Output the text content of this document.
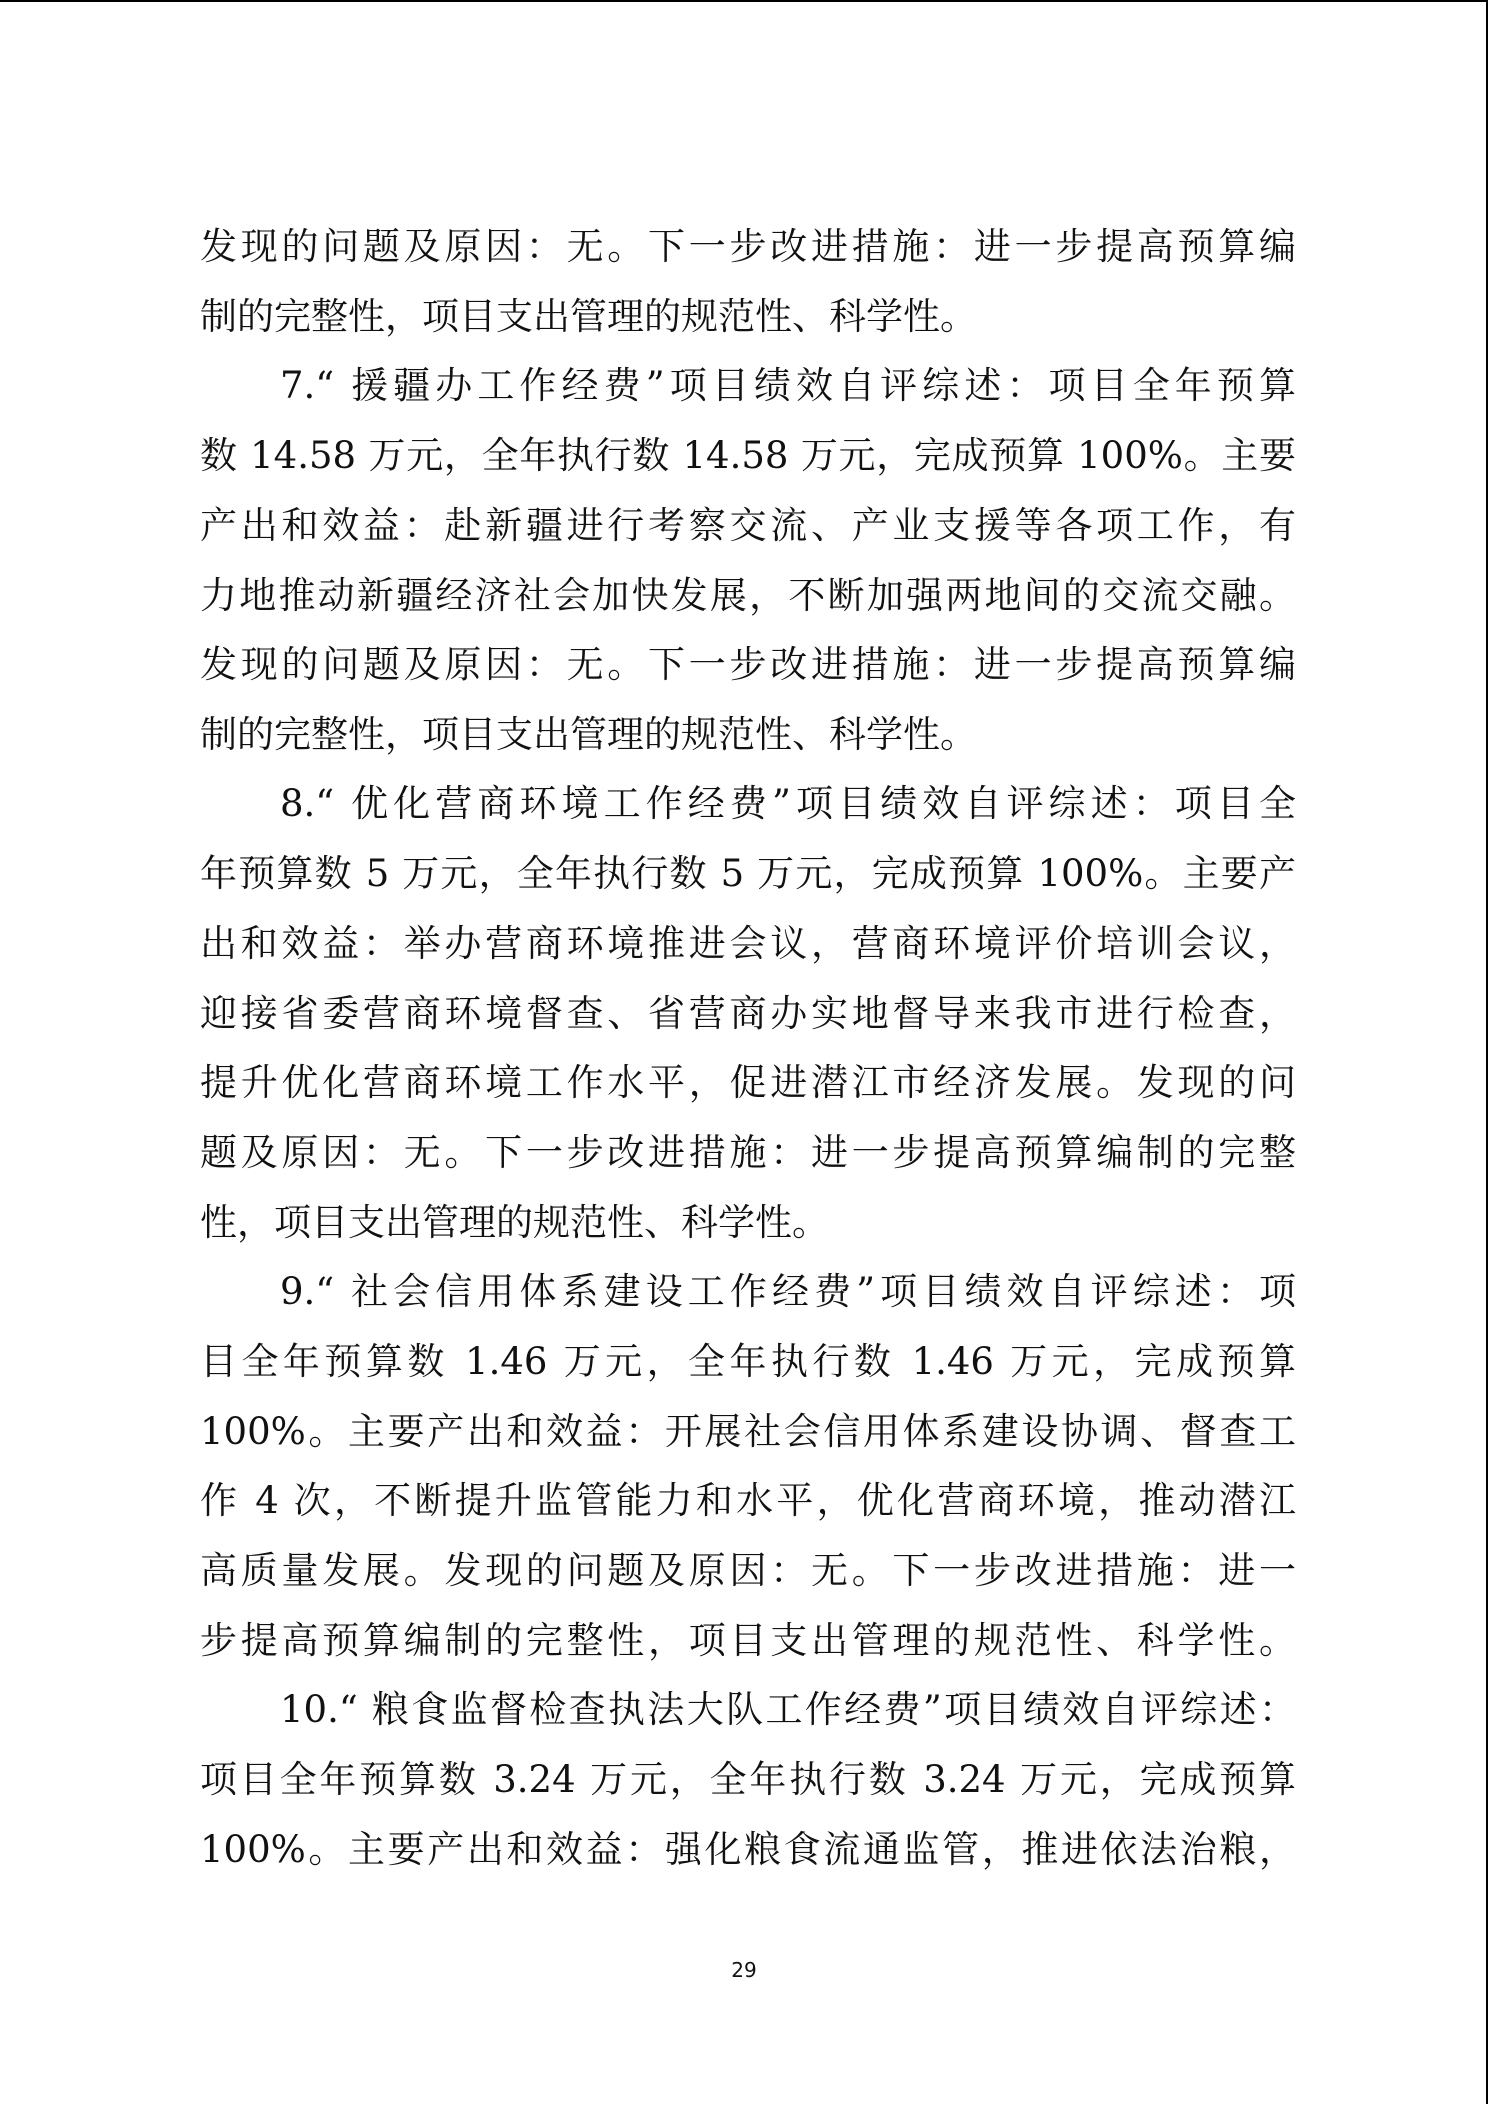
发现的问题及原因：无。下一步改进措施：进一步提高预算编
制的完整性，项目支出管理的规范性、科学性。
7.“ 援疆办工作经费”项目绩效自评综述：项目全年预算
数 14.58 万元，全年执行数 14.58 万元，完成预算 100%。主要
产出和效益：赴新疆进行考察交流、产业支援等各项工作，有
力地推动新疆经济社会加快发展，不断加强两地间的交流交融。
发现的问题及原因：无。下一步改进措施：进一步提高预算编
制的完整性，项目支出管理的规范性、科学性。
8.“ 优化营商环境工作经费”项目绩效自评综述：项目全
年预算数 5 万元，全年执行数 5 万元，完成预算 100%。主要产
出和效益：举办营商环境推进会议，营商环境评价培训会议，
迎接省委营商环境督查、省营商办实地督导来我市进行检查，
提升优化营商环境工作水平，促进潜江市经济发展。发现的问
题及原因：无。下一步改进措施：进一步提高预算编制的完整
性，项目支出管理的规范性、科学性。
9.“ 社会信用体系建设工作经费”项目绩效自评综述：项
目全年预算数 1.46 万元，全年执行数 1.46 万元，完成预算
100%。主要产出和效益：开展社会信用体系建设协调、督查工
作 4 次，不断提升监管能力和水平，优化营商环境，推动潜江
高质量发展。发现的问题及原因：无。下一步改进措施：进一
步提高预算编制的完整性，项目支出管理的规范性、科学性。
10.“ 粮食监督检查执法大队工作经费”项目绩效自评综述：
项目全年预算数 3.24 万元，全年执行数 3.24 万元，完成预算
100%。主要产出和效益：强化粮食流通监管，推进依法治粮，
29
